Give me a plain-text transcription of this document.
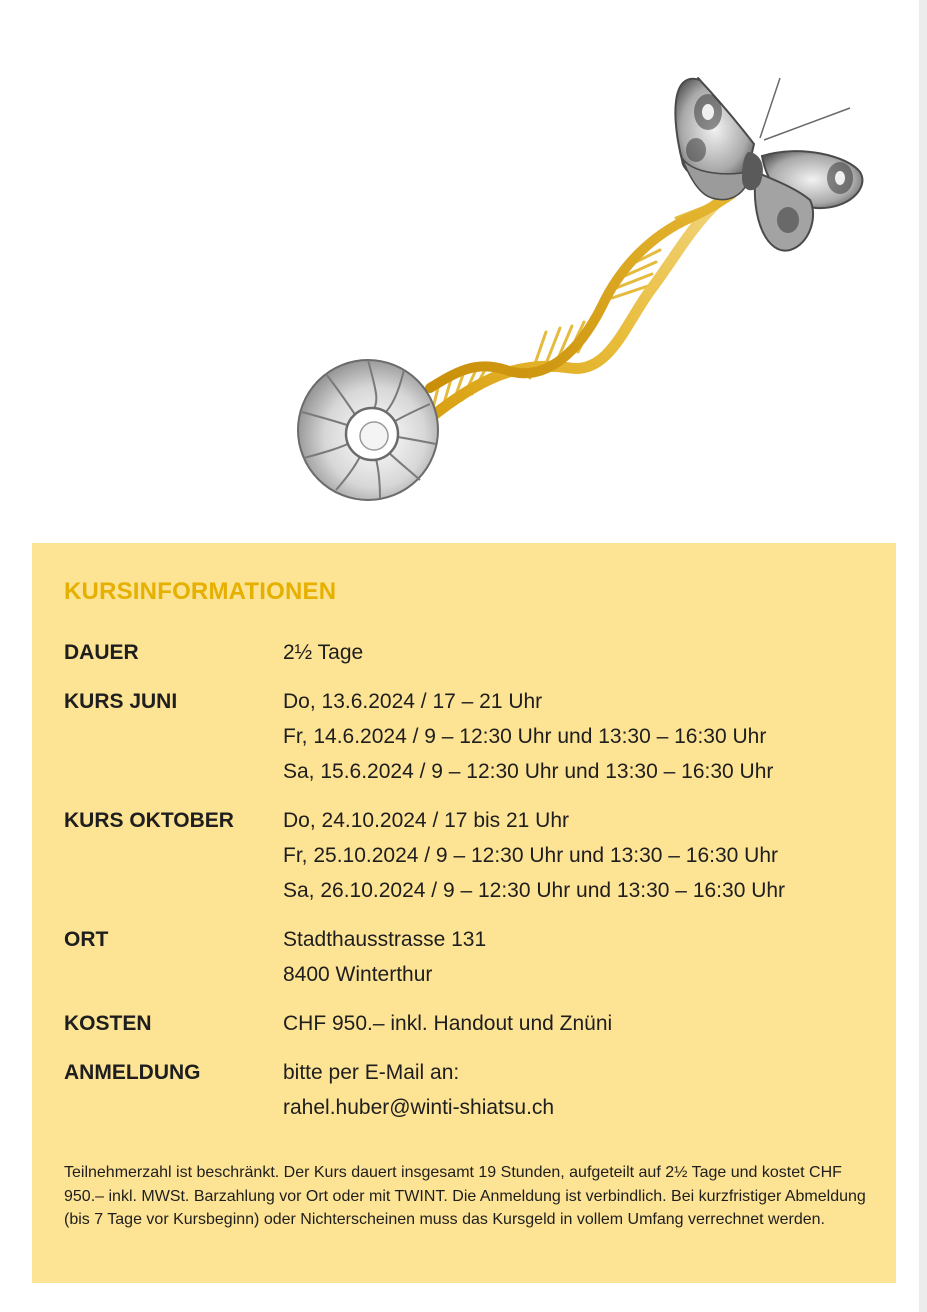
KURSINFORMATIONEN
DAUER	2½ Tage
KURS JUNI	Do, 13.6.2024 / 17 – 21 Uhr
Fr, 14.6.2024 / 9 – 12:30 Uhr und 13:30 – 16:30 Uhr
Sa, 15.6.2024 / 9 – 12:30 Uhr und 13:30 – 16:30 Uhr
KURS OKTOBER	Do, 24.10.2024 / 17 bis 21 Uhr
Fr, 25.10.2024 / 9 – 12:30 Uhr und 13:30 – 16:30 Uhr
Sa, 26.10.2024 / 9 – 12:30 Uhr und 13:30 – 16:30 Uhr
ORT	Stadthausstrasse 131
8400 Winterthur
KOSTEN	CHF 950.– inkl. Handout und Znüni
ANMELDUNG	bitte per E-Mail an:
rahel.huber@winti-shiatsu.ch
Teilnehmerzahl ist beschränkt. Der Kurs dauert insgesamt 19 Stunden, aufgeteilt auf 2½ Tage und kostet CHF 950.– inkl. MWSt. Barzahlung vor Ort oder mit TWINT. Die Anmeldung ist verbindlich. Bei kurzfristiger Abmeldung (bis 7 Tage vor Kursbeginn) oder Nichterscheinen muss das Kursgeld in vollem Umfang verrechnet werden.
